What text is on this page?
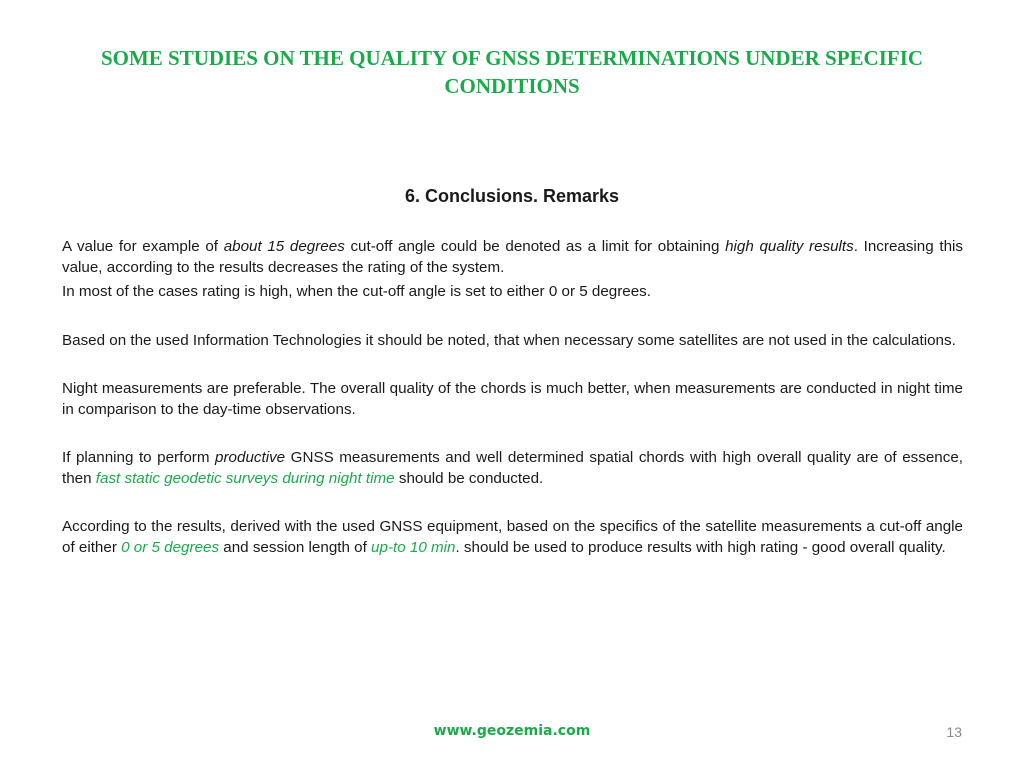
SOME STUDIES ON THE QUALITY OF GNSS DETERMINATIONS UNDER SPECIFIC CONDITIONS
6. Conclusions. Remarks

A value for example of about 15 degrees cut-off angle could be denoted as a limit for obtaining high quality results. Increasing this value, according to the results decreases the rating of the system.

In most of the cases rating is high, when the cut-off angle is set to either 0 or 5 degrees.

Based on the used Information Technologies it should be noted, that when necessary some satellites are not used in the calculations.

Night measurements are preferable. The overall quality of the chords is much better, when measurements are conducted in night time in comparison to the day-time observations.

If planning to perform productive GNSS measurements and well determined spatial chords with high overall quality are of essence, then fast static geodetic surveys during night time should be conducted.

According to the results, derived with the used GNSS equipment, based on the specifics of the satellite measurements a cut-off angle of either 0 or 5 degrees and session length of up-to 10 min. should be used to produce results with high rating - good overall quality.

www.geozemia.com	13
